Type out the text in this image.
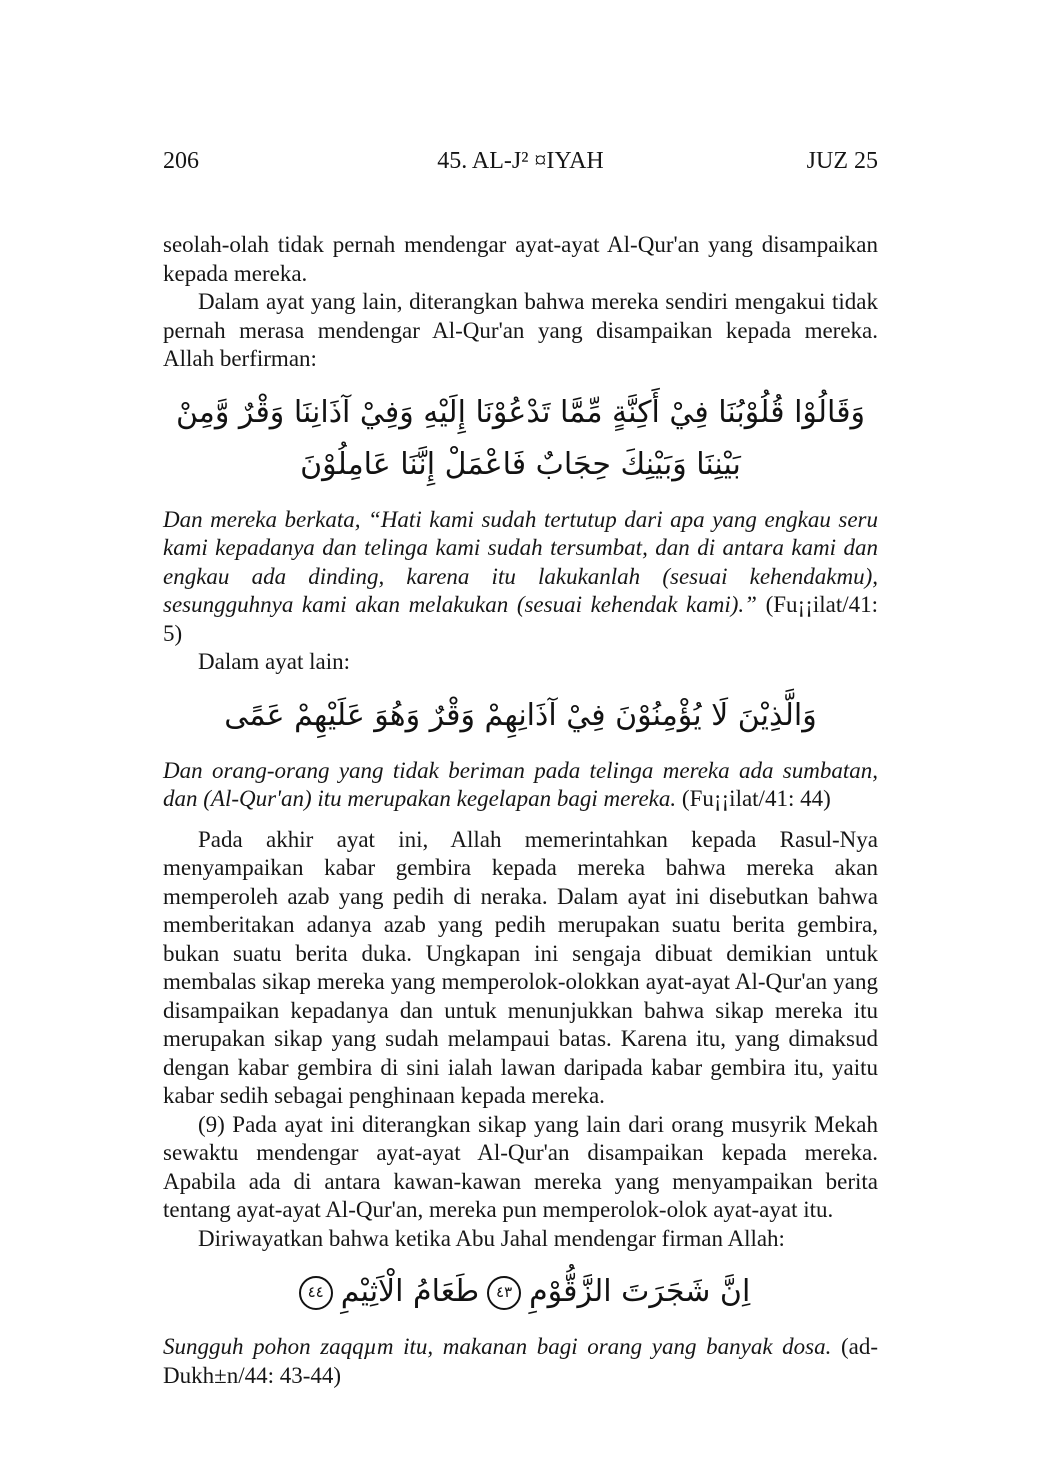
206	45. AL-J² ¤IYAH	JUZ 25

seolah-olah tidak pernah mendengar ayat-ayat Al-Qur'an yang disampaikan kepada mereka.

Dalam ayat yang lain, diterangkan bahwa mereka sendiri mengakui tidak pernah merasa mendengar Al-Qur'an yang disampaikan kepada mereka. Allah berfirman:

وَقَالُوْا قُلُوْبُنَا فِيْ أَكِنَّةٍ مِّمَّا تَدْعُوْنَا إِلَيْهِ وَفِيْ آذَانِنَا وَقْرٌ وَّمِنْ بَيْنِنَا وَبَيْنِكَ حِجَابٌ فَاعْمَلْ إِنَّنَا عَامِلُوْنَ

Dan mereka berkata, “Hati kami sudah tertutup dari apa yang engkau seru kami kepadanya dan telinga kami sudah tersumbat, dan di antara kami dan engkau ada dinding, karena itu lakukanlah (sesuai kehendakmu), sesungguhnya kami akan melakukan (sesuai kehendak kami).” (Fu¡¡ilat/41: 5)

Dalam ayat lain:

وَالَّذِيْنَ لَا يُؤْمِنُوْنَ فِيْ آذَانِهِمْ وَقْرٌ وَهُوَ عَلَيْهِمْ عَمًى

Dan orang-orang yang tidak beriman pada telinga mereka ada sumbatan, dan (Al-Qur'an) itu merupakan kegelapan bagi mereka. (Fu¡¡ilat/41: 44)

Pada akhir ayat ini, Allah memerintahkan kepada Rasul-Nya menyampaikan kabar gembira kepada mereka bahwa mereka akan memperoleh azab yang pedih di neraka. Dalam ayat ini disebutkan bahwa memberitakan adanya azab yang pedih merupakan suatu berita gembira, bukan suatu berita duka. Ungkapan ini sengaja dibuat demikian untuk membalas sikap mereka yang memperolok-olokkan ayat-ayat Al-Qur'an yang disampaikan kepadanya dan untuk menunjukkan bahwa sikap mereka itu merupakan sikap yang sudah melampaui batas. Karena itu, yang dimaksud dengan kabar gembira di sini ialah lawan daripada kabar gembira itu, yaitu kabar sedih sebagai penghinaan kepada mereka.

(9) Pada ayat ini diterangkan sikap yang lain dari orang musyrik Mekah sewaktu mendengar ayat-ayat Al-Qur'an disampaikan kepada mereka. Apabila ada di antara kawan-kawan mereka yang menyampaikan berita tentang ayat-ayat Al-Qur'an, mereka pun memperolok-olok ayat-ayat itu.

Diriwayatkan bahwa ketika Abu Jahal mendengar firman Allah:

اِنَّ شَجَرَتَ الزَّقُّوْمِ٤٣طَعَامُ الْاَثِيْمِ٤٤

Sungguh pohon zaqqµm itu, makanan bagi orang yang banyak dosa. (ad-Dukh±n/44: 43-44)
